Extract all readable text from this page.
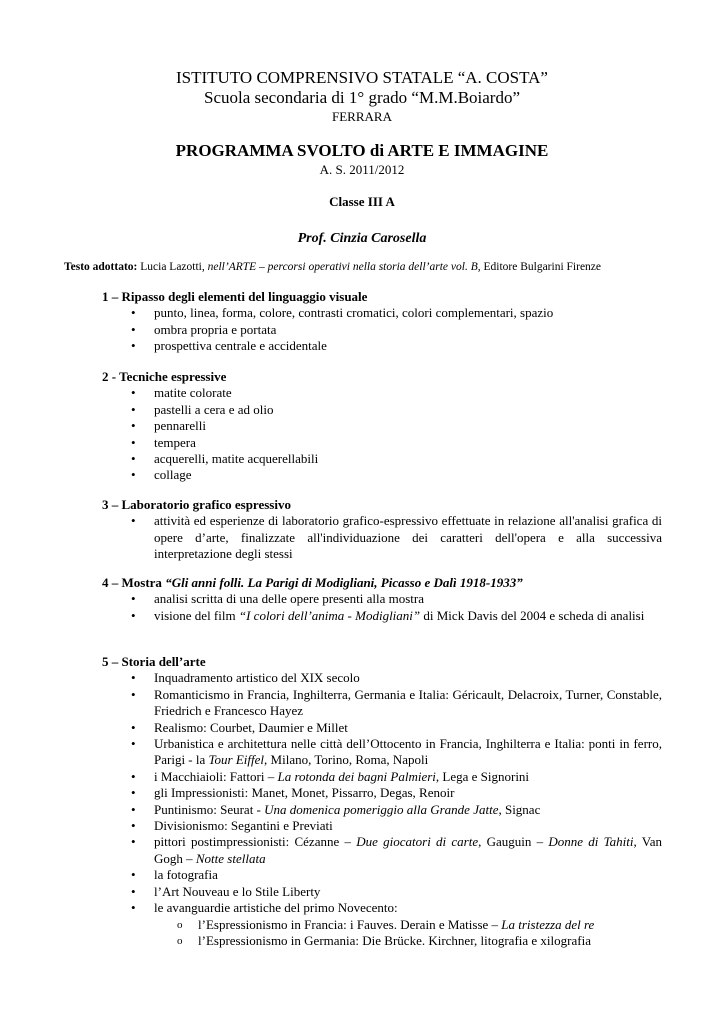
ISTITUTO COMPRENSIVO STATALE “A. COSTA”
Scuola secondaria di 1° grado “M.M.Boiardo”
FERRARA
PROGRAMMA SVOLTO di ARTE E IMMAGINE
A. S. 2011/2012
Classe III A
Prof. Cinzia Carosella
Testo adottato: Lucia Lazotti, nell’ARTE – percorsi operativi nella storia dell’arte vol. B, Editore Bulgarini Firenze
1 – Ripasso degli elementi del linguaggio visuale
• punto, linea, forma, colore, contrasti cromatici, colori complementari, spazio
• ombra propria e portata
• prospettiva centrale e accidentale
2 - Tecniche espressive
• matite colorate
• pastelli a cera e ad olio
• pennarelli
• tempera
• acquerelli, matite acquerellabili
• collage
3 – Laboratorio grafico espressivo
• attività ed esperienze di laboratorio grafico-espressivo effettuate in relazione all'analisi grafica di opere d’arte, finalizzate all'individuazione dei caratteri dell'opera e alla successiva interpretazione degli stessi
4 – Mostra “Gli anni folli. La Parigi di Modigliani, Picasso e Dalì 1918-1933”
• analisi scritta di una delle opere presenti alla mostra
• visione del film “I colori dell’anima - Modigliani” di Mick Davis del 2004 e scheda di analisi
5 – Storia dell’arte
• Inquadramento artistico del XIX secolo
• Romanticismo in Francia, Inghilterra, Germania e Italia: Géricault, Delacroix, Turner, Constable, Friedrich e Francesco Hayez
• Realismo: Courbet, Daumier e Millet
• Urbanistica e architettura nelle città dell’Ottocento in Francia, Inghilterra e Italia: ponti in ferro, Parigi - la Tour Eiffel, Milano, Torino, Roma, Napoli
• i Macchiaioli: Fattori – La rotonda dei bagni Palmieri, Lega e Signorini
• gli Impressionisti: Manet, Monet, Pissarro, Degas, Renoir
• Puntinismo: Seurat - Una domenica pomeriggio alla Grande Jatte, Signac
• Divisionismo: Segantini e Previati
• pittori postimpressionisti: Cézanne – Due giocatori di carte, Gauguin – Donne di Tahiti, Van Gogh – Notte stellata
• la fotografia
• l’Art Nouveau e lo Stile Liberty
• le avanguardie artistiche del primo Novecento:
o l’Espressionismo in Francia: i Fauves. Derain e Matisse – La tristezza del re
o l’Espressionismo in Germania: Die Brücke. Kirchner, litografia e xilografia
